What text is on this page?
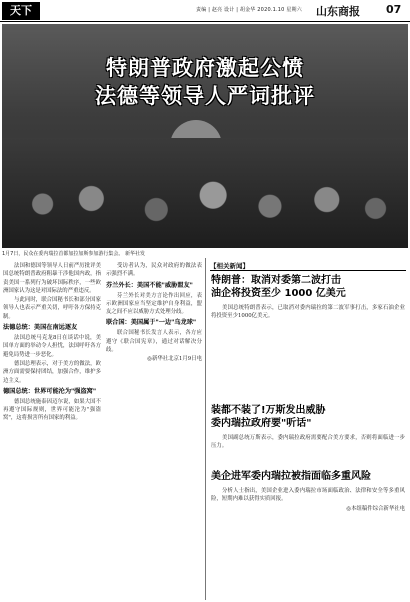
天下	责编 | 赵亮 设计 | 胡金华 2020.1.10 星期六 山东商报 07
特朗普政府激起公愤
法德等领导人严词批评
1月7日，民众在委内瑞拉首都加拉加斯参加游行集会。 新华社发

法国和德国等领导人日前严厉批评美国总统特朗普政府粗暴干涉他国内政，指责美国一系列行为破坏国际秩序，一些欧洲国家认为这是对国际法的严重违反。

与此同时，联合国秘书长和部分国家领导人也表示严重关切，呼吁各方保持克制。

法德总统：美国在南远逐友

法国总统马克龙8日在谈话中说，美国单方面的举动令人担忧，法国呼吁各方避免局势进一步恶化。

德国总理表示，对于美方的做法，欧洲方面需要保持团结，加强合作，维护多边主义。

德国总统：世界可能沦为"强盗窝"

德国总统施泰因迈尔说，如果大国不再遵守国际规则，世界可能沦为"强盗窝"，这将损害所有国家的利益。

受访者认为，民众对政府的做法表示强烈不满。

芬兰外长：美国不能"威胁盟友"

芬兰外长对美方言论作出回应，表示欧洲国家应当坚定维护自身利益，盟友之间不应以威胁方式处理分歧。

联合国：美国属于"一边"乌龙球"

联合国秘书长发言人表示，各方应遵守《联合国宪章》，通过对话解决分歧。

◎新华社北京1月9日电
【相关新闻】
特朗普：取消对委第二波打击
油企将投资至少 1000 亿美元

美国总统特朗普表示，已取消对委内瑞拉的第二波军事打击，多家石油企业将投资至少1000亿美元。

装都不装了!万斯发出威胁
委内瑞拉政府要"听话"

美国副总统万斯表示，委内瑞拉政府需要配合美方要求，否则将面临进一步压力。

美企进军委内瑞拉被指面临多重风险

分析人士指出，美国企业进入委内瑞拉市场面临政治、法律和安全等多重风险，短期内难以获得实质回报。

◎本组稿件综合新华社电
